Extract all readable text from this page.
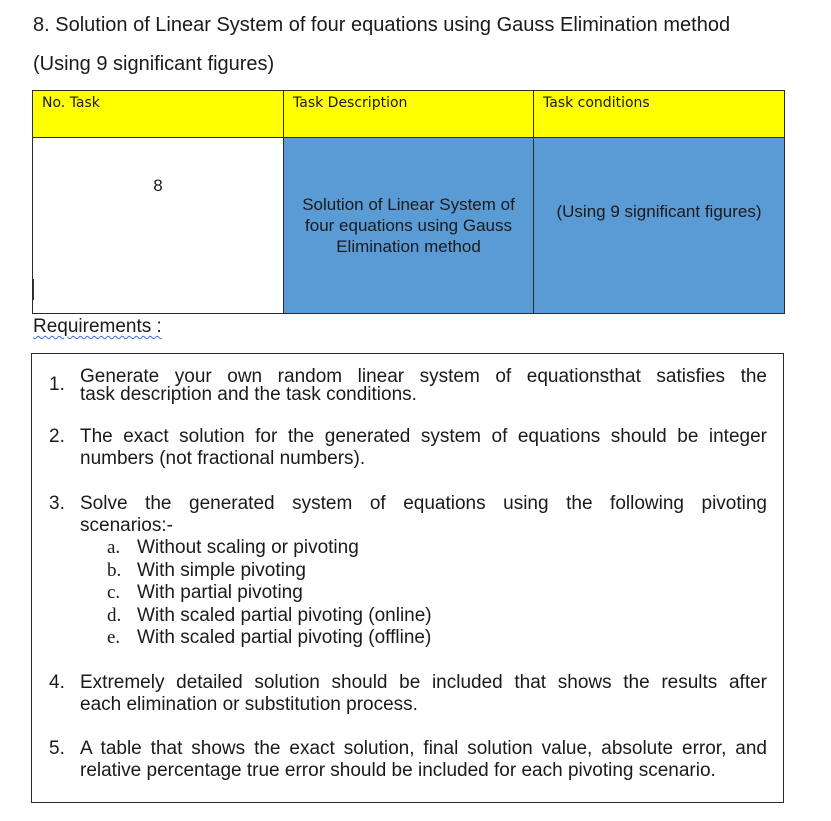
8. Solution of Linear System of four equations using Gauss Elimination method
(Using 9 significant figures)
No. Task	Task Description	Task conditions
8	Solution of Linear System of four equations using Gauss Elimination method	(Using 9 significant figures)
Requirements :
1. Generate your own random linear system of equationsthat satisfies the
task description and the task conditions.
2. The exact solution for the generated system of equations should be integer
numbers (not fractional numbers).
3. Solve the generated system of equations using the following pivoting
scenarios:-
a. Without scaling or pivoting
b. With simple pivoting
c. With partial pivoting
d. With scaled partial pivoting (online)
e. With scaled partial pivoting (offline)
4. Extremely detailed solution should be included that shows the results after
each elimination or substitution process.
5. A table that shows the exact solution, final solution value, absolute error, and
relative percentage true error should be included for each pivoting scenario.
